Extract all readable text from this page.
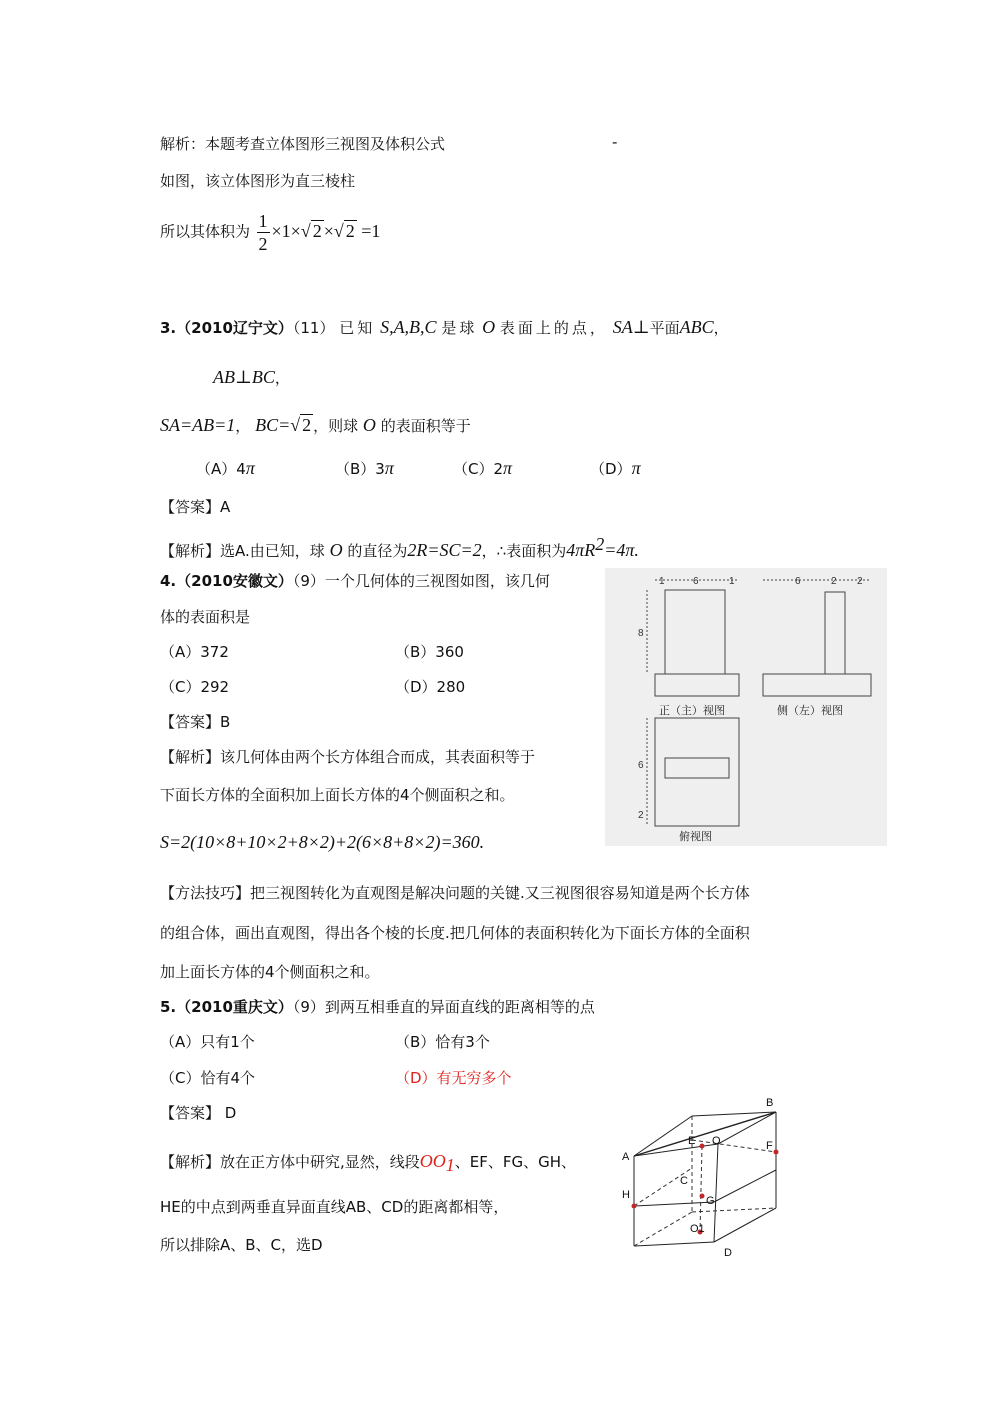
解析：本题考查立体图形三视图及体积公式	-
如图，该立体图形为直三棱柱
所以其体积为 $\frac{1}{2} \times 1\times√$ 2 ×√ 2 =1
3.（2010辽宁文）（11） 已知 S,A,B,C 是球 O 表面上的点， SA⊥平面ABC，
AB⊥BC，
SA=AB=1， BC=√ 2 ，则球 O 的表面积等于
（A）4π	（B）3π	（C）2π	（D）π
【答案】A
【解析】选A.由已知，球 O 的直径为2R=SC=2，∴表面积为$4\pi R^2=4\pi$.
4.（2010安徽文）（9）一个几何体的三视图如图，该几何
体的表面积是
（A）372	（B）360
（C）292	（D）280
【答案】B
【解析】该几何体由两个长方体组合而成，其表面积等于
下面长方体的全面积加上面长方体的4个侧面积之和。
S=2(10×8+10×2+8×2)+2(6×8+8×2)=360.
【方法技巧】把三视图转化为直观图是解决问题的关键.又三视图很容易知道是两个长方体
的组合体，画出直观图，得出各个棱的长度.把几何体的表面积转化为下面长方体的全面积
加上面长方体的4个侧面积之和。
1	6	1	6	2 2
8
6
2
正（主）视图	侧（左）视图
俯视图
5.（2010重庆文）（9）到两互相垂直的异面直线的距离相等的点
（A）只有1个	（B）恰有3个
（C）恰有4个	（D）有无穷多个
【答案】 D
【解析】放在正方体中研究,显然，线段$OO_1$、EF、FG、GH、
HE的中点到两垂直异面直线AB、CD的距离都相等，
所以排除A、B、C，选D
A
B
C
D
E	F
G
H
O
O1
